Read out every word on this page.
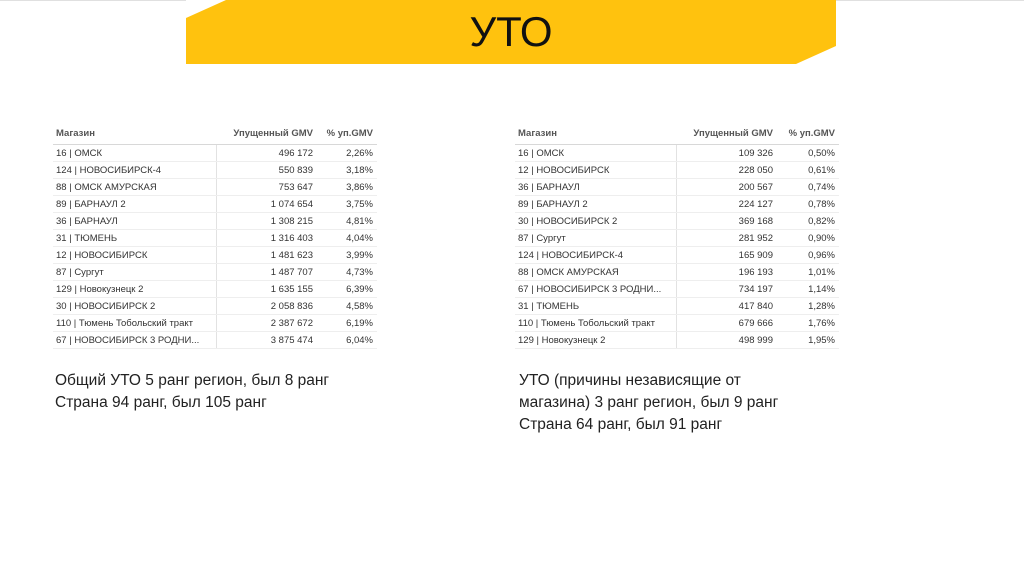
УТО
Магазин	Упущенный GMV	% уп.GMV
16 | ОМСК	496 172	2,26%
124 | НОВОСИБИРСК-4	550 839	3,18%
88 | ОМСК АМУРСКАЯ	753 647	3,86%
89 | БАРНАУЛ 2	1 074 654	3,75%
36 | БАРНАУЛ	1 308 215	4,81%
31 | ТЮМЕНЬ	1 316 403	4,04%
12 | НОВОСИБИРСК	1 481 623	3,99%
87 | Сургут	1 487 707	4,73%
129 | Новокузнецк 2	1 635 155	6,39%
30 | НОВОСИБИРСК 2	2 058 836	4,58%
110 | Тюмень Тобольский тракт	2 387 672	6,19%
67 | НОВОСИБИРСК 3 РОДНИ...	3 875 474	6,04%
Магазин	Упущенный GMV	% уп.GMV
16 | ОМСК	109 326	0,50%
12 | НОВОСИБИРСК	228 050	0,61%
36 | БАРНАУЛ	200 567	0,74%
89 | БАРНАУЛ 2	224 127	0,78%
30 | НОВОСИБИРСК 2	369 168	0,82%
87 | Сургут	281 952	0,90%
124 | НОВОСИБИРСК-4	165 909	0,96%
88 | ОМСК АМУРСКАЯ	196 193	1,01%
67 | НОВОСИБИРСК 3 РОДНИ...	734 197	1,14%
31 | ТЮМЕНЬ	417 840	1,28%
110 | Тюмень Тобольский тракт	679 666	1,76%
129 | Новокузнецк 2	498 999	1,95%
Общий УТО 5 ранг регион, был 8 ранг
Страна 94 ранг, был 105 ранг
УТО (причины независящие от
магазина) 3 ранг регион, был 9 ранг
Страна 64 ранг, был 91 ранг
